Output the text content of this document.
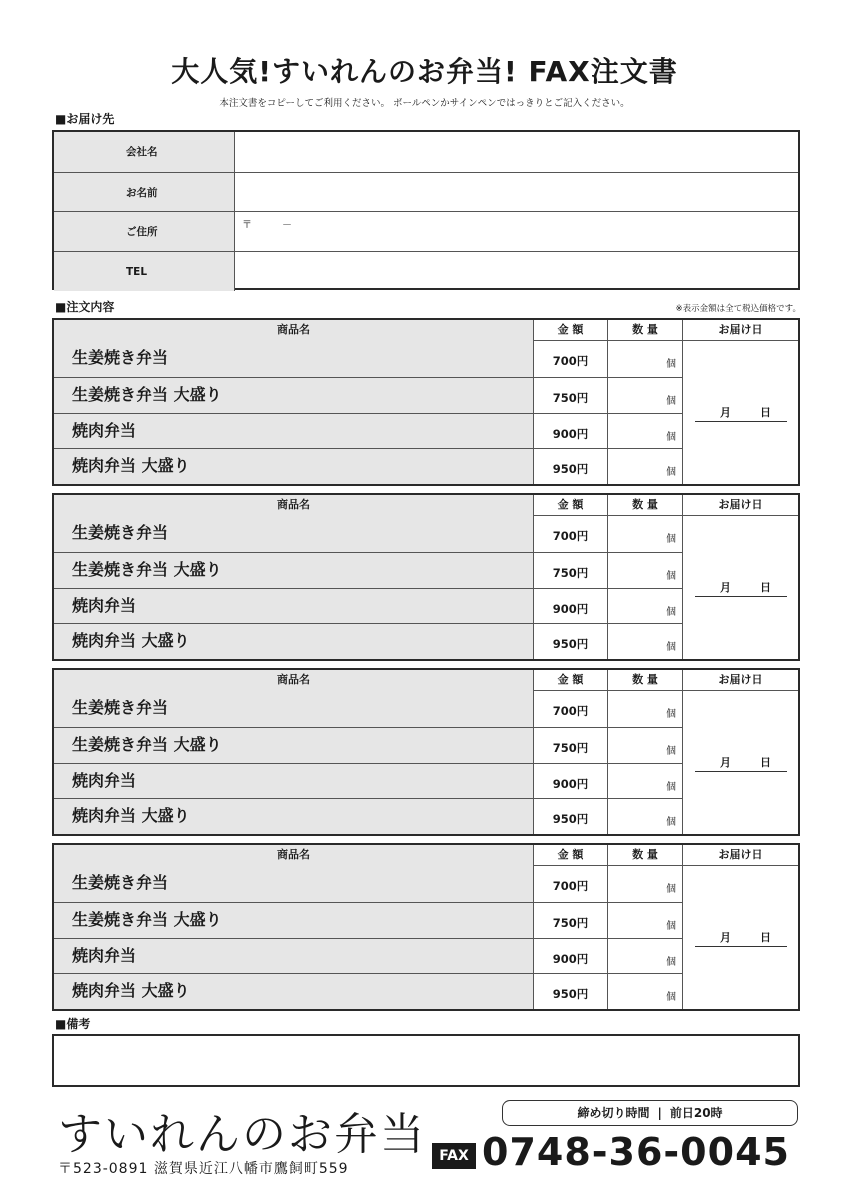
大人気!すいれんのお弁当! FAX注文書
本注文書をコピーしてご利用ください。 ボールペンかサインペンではっきりとご記入ください。
■お届け先
会社名
お名前
ご住所
〒　　　－
TEL
■注文内容	※表示金額は全て税込価格です。
商品名	金 額	数 量	お届け日
生姜焼き弁当	700円	個
生姜焼き弁当 大盛り	750円	個
焼肉弁当	900円	個
焼肉弁当 大盛り	950円	個
月	日
商品名	金 額	数 量	お届け日
生姜焼き弁当	700円	個
生姜焼き弁当 大盛り	750円	個
焼肉弁当	900円	個
焼肉弁当 大盛り	950円	個
月	日
商品名	金 額	数 量	お届け日
生姜焼き弁当	700円	個
生姜焼き弁当 大盛り	750円	個
焼肉弁当	900円	個
焼肉弁当 大盛り	950円	個
月	日
商品名	金 額	数 量	お届け日
生姜焼き弁当	700円	個
生姜焼き弁当 大盛り	750円	個
焼肉弁当	900円	個
焼肉弁当 大盛り	950円	個
月	日
■備考
すいれんのお弁当
〒523-0891 滋賀県近江八幡市鷹飼町559
締め切り時間 | 前日20時
FAX 0748-36-0045
